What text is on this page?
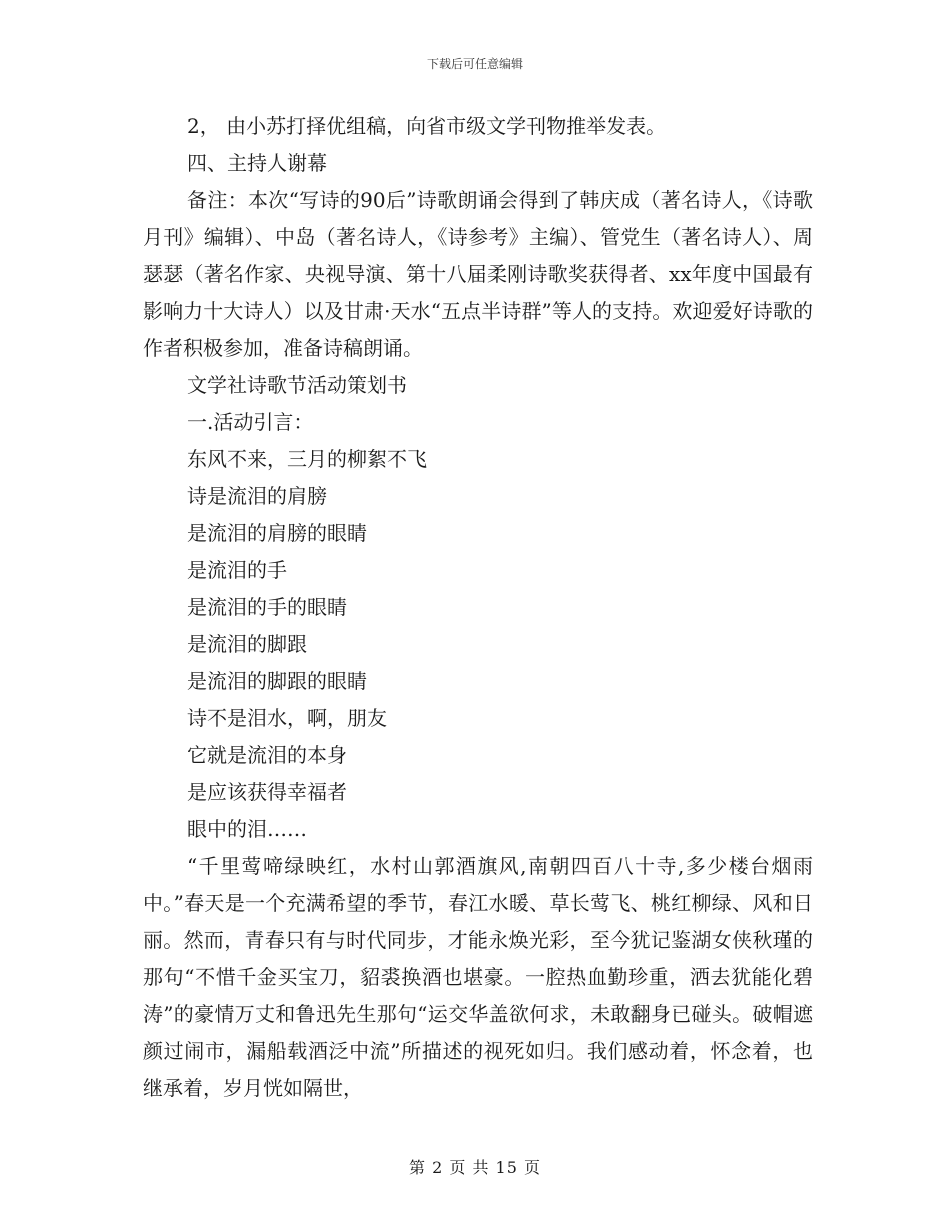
下载后可任意编辑

2， 由小苏打择优组稿，向省市级文学刊物推举发表。

四、主持人谢幕

备注：本次“写诗的90后”诗歌朗诵会得到了韩庆成（著名诗人，《诗歌月刊》编辑）、中岛（著名诗人，《诗参考》主编）、管党生（著名诗人）、周瑟瑟（著名作家、央视导演、第十八届柔刚诗歌奖获得者、xx年度中国最有影响力十大诗人）以及甘肃·天水“五点半诗群”等人的支持。欢迎爱好诗歌的作者积极参加，准备诗稿朗诵。

文学社诗歌节活动策划书

一.活动引言：

东风不来，三月的柳絮不飞

诗是流泪的肩膀

是流泪的肩膀的眼睛

是流泪的手

是流泪的手的眼睛

是流泪的脚跟

是流泪的脚跟的眼睛

诗不是泪水，啊，朋友

它就是流泪的本身

是应该获得幸福者

眼中的泪……

“千里莺啼绿映红，水村山郭酒旗风,南朝四百八十寺,多少楼台烟雨中。”春天是一个充满希望的季节，春江水暖、草长莺飞、桃红柳绿、风和日丽。然而，青春只有与时代同步，才能永焕光彩，至今犹记鉴湖女侠秋瑾的那句“不惜千金买宝刀，貂裘换酒也堪豪。一腔热血勤珍重，洒去犹能化碧涛”的豪情万丈和鲁迅先生那句“运交华盖欲何求，未敢翻身已碰头。破帽遮颜过闹市，漏船载酒泛中流”所描述的视死如归。我们感动着，怀念着，也继承着，岁月恍如隔世，

第 2 页 共 15 页
